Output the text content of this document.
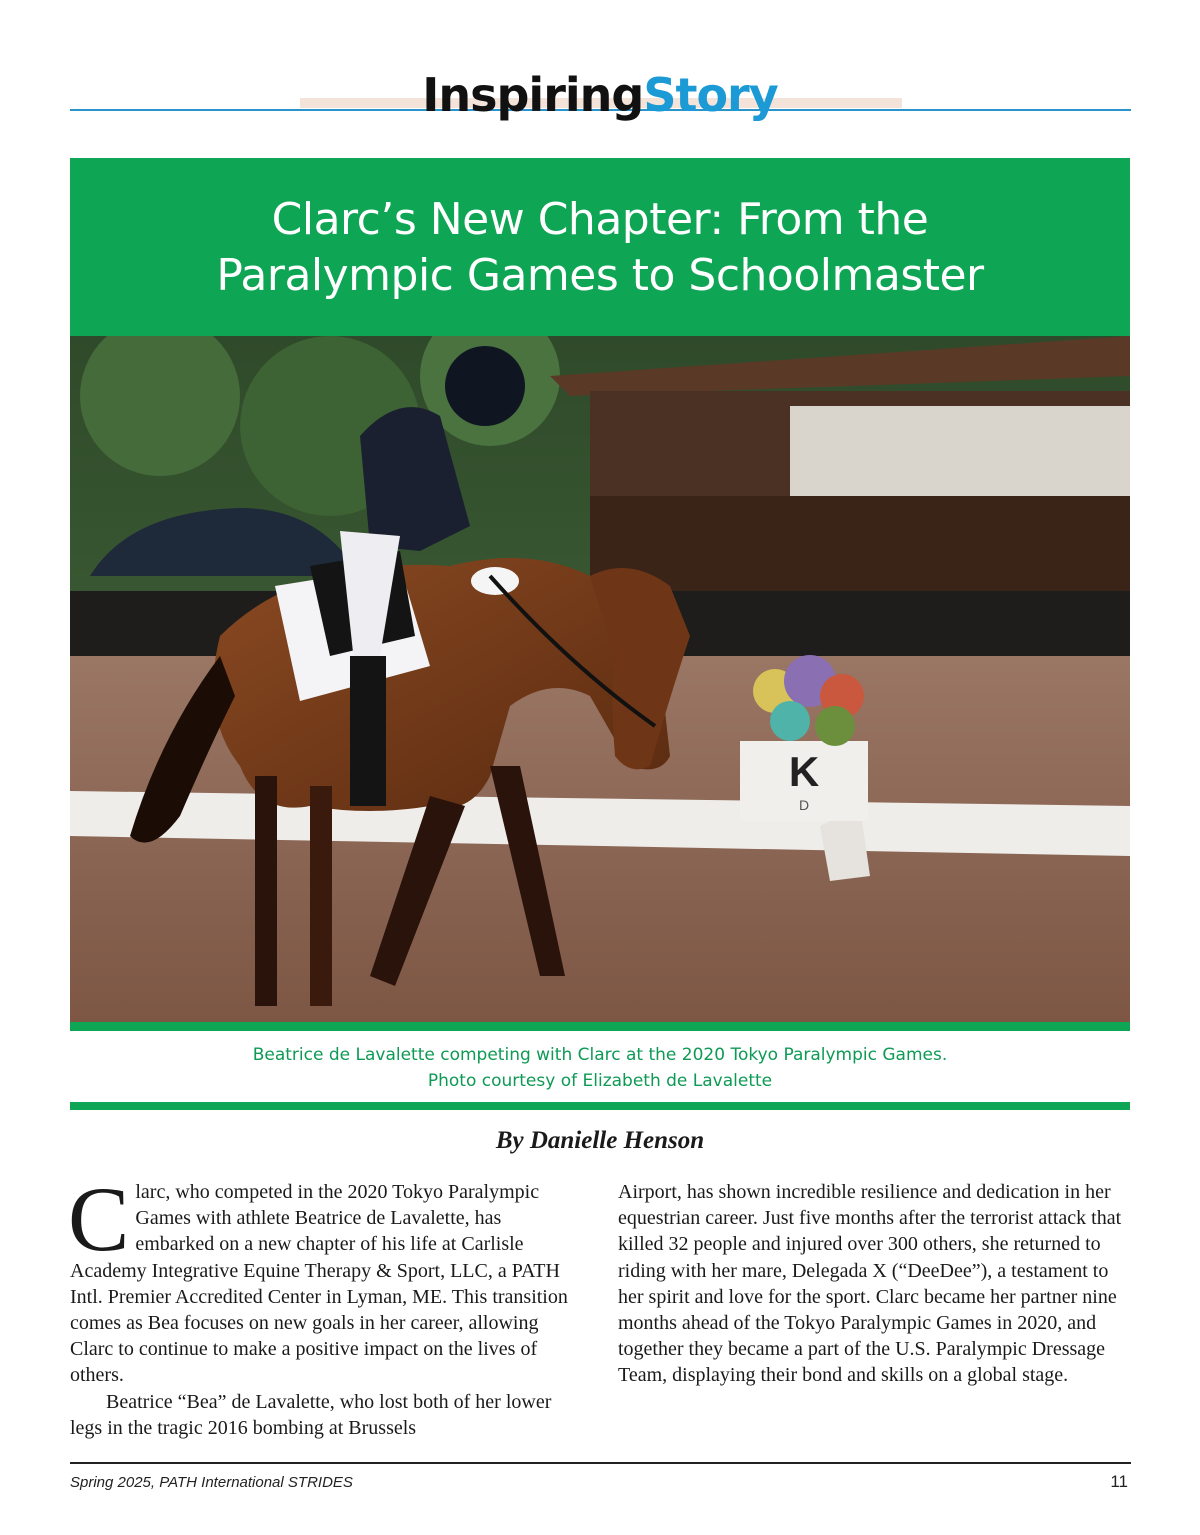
InspiringStory
Clarc’s New Chapter: From the
Paralympic Games to Schoolmaster
K
D
Beatrice de Lavalette competing with Clarc at the 2020 Tokyo Paralympic Games.
Photo courtesy of Elizabeth de Lavalette
By Danielle Henson

Clarc, who competed in the 2020 Tokyo Paralympic Games with athlete Beatrice de Lavalette, has embarked on a new chapter of his life at Carlisle Academy Integrative Equine Therapy & Sport, LLC, a PATH Intl. Premier Accredited Center in Lyman, ME. This transition comes as Bea focuses on new goals in her career, allowing Clarc to continue to make a positive impact on the lives of others.

Beatrice “Bea” de Lavalette, who lost both of her lower legs in the tragic 2016 bombing at Brussels

Airport, has shown incredible resilience and dedication in her equestrian career. Just five months after the terrorist attack that killed 32 people and injured over 300 others, she returned to riding with her mare, Delegada X (“DeeDee”), a testament to her spirit and love for the sport. Clarc became her partner nine months ahead of the Tokyo Paralympic Games in 2020, and together they became a part of the U.S. Paralympic Dressage Team, displaying their bond and skills on a global stage.

Spring 2025, PATH International STRIDES	11
